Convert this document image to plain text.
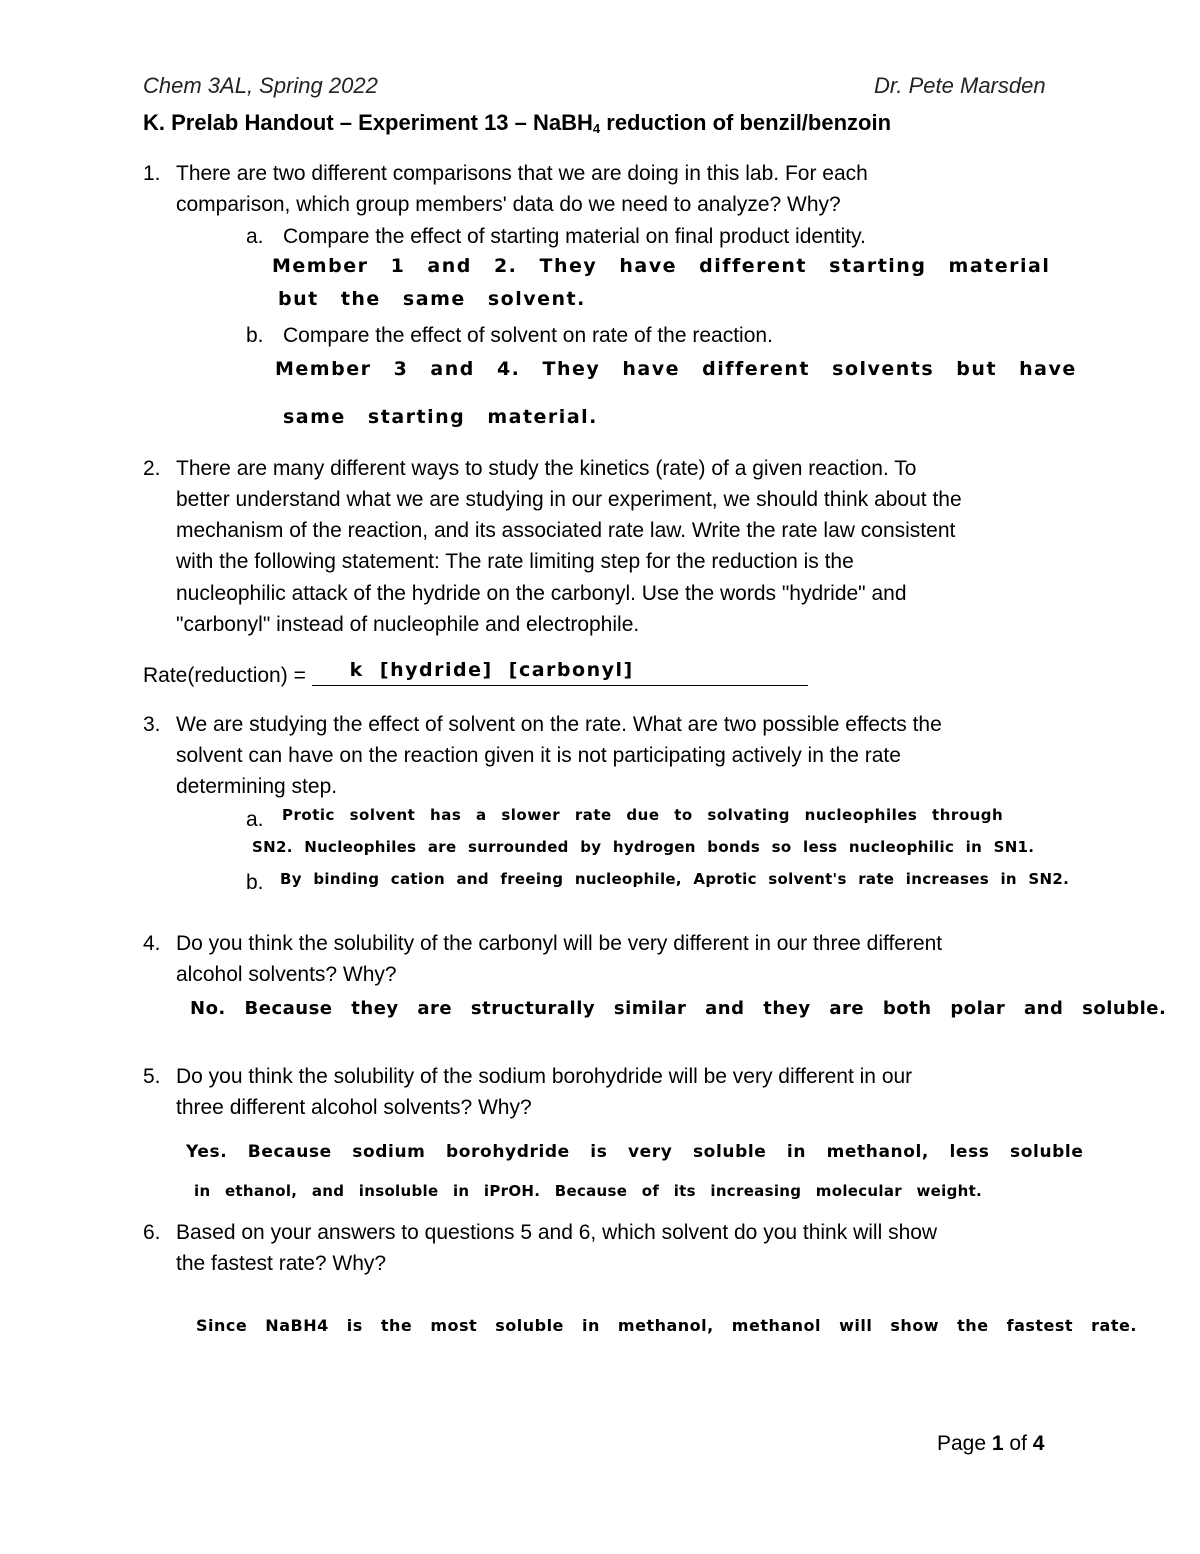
Chem 3AL, Spring 2022	Dr. Pete Marsden
K. Prelab Handout – Experiment 13 – NaBH$_4$ reduction of benzil/benzoin
1. There are two different comparisons that we are doing in this lab. For each
comparison, which group members' data do we need to analyze? Why?
a. Compare the effect of starting material on final product identity.
Member 1 and 2. They have different starting material
but the same solvent.
b. Compare the effect of solvent on rate of the reaction.
Member 3 and 4. They have different solvents but have
same starting material.
2. There are many different ways to study the kinetics (rate) of a given reaction. To
better understand what we are studying in our experiment, we should think about the
mechanism of the reaction, and its associated rate law. Write the rate law consistent
with the following statement: The rate limiting step for the reduction is the
nucleophilic attack of the hydride on the carbonyl. Use the words "hydride" and
"carbonyl" instead of nucleophile and electrophile.
Rate(reduction) = k [hydride] [carbonyl]
3. We are studying the effect of solvent on the rate. What are two possible effects the
solvent can have on the reaction given it is not participating actively in the rate
determining step.
a. Protic solvent has a slower rate due to solvating nucleophiles through
SN2. Nucleophiles are surrounded by hydrogen bonds so less nucleophilic in SN1.
b. By binding cation and freeing nucleophile, Aprotic solvent's rate increases in SN2.
4. Do you think the solubility of the carbonyl will be very different in our three different
alcohol solvents? Why?
No. Because they are structurally similar and they are both polar and soluble.
5. Do you think the solubility of the sodium borohydride will be very different in our
three different alcohol solvents? Why?
Yes. Because sodium borohydride is very soluble in methanol, less soluble
in ethanol, and insoluble in iPrOH. Because of its increasing molecular weight.
6. Based on your answers to questions 5 and 6, which solvent do you think will show
the fastest rate? Why?
Since NaBH4 is the most soluble in methanol, methanol will show the fastest rate.
Page 1 of 4
